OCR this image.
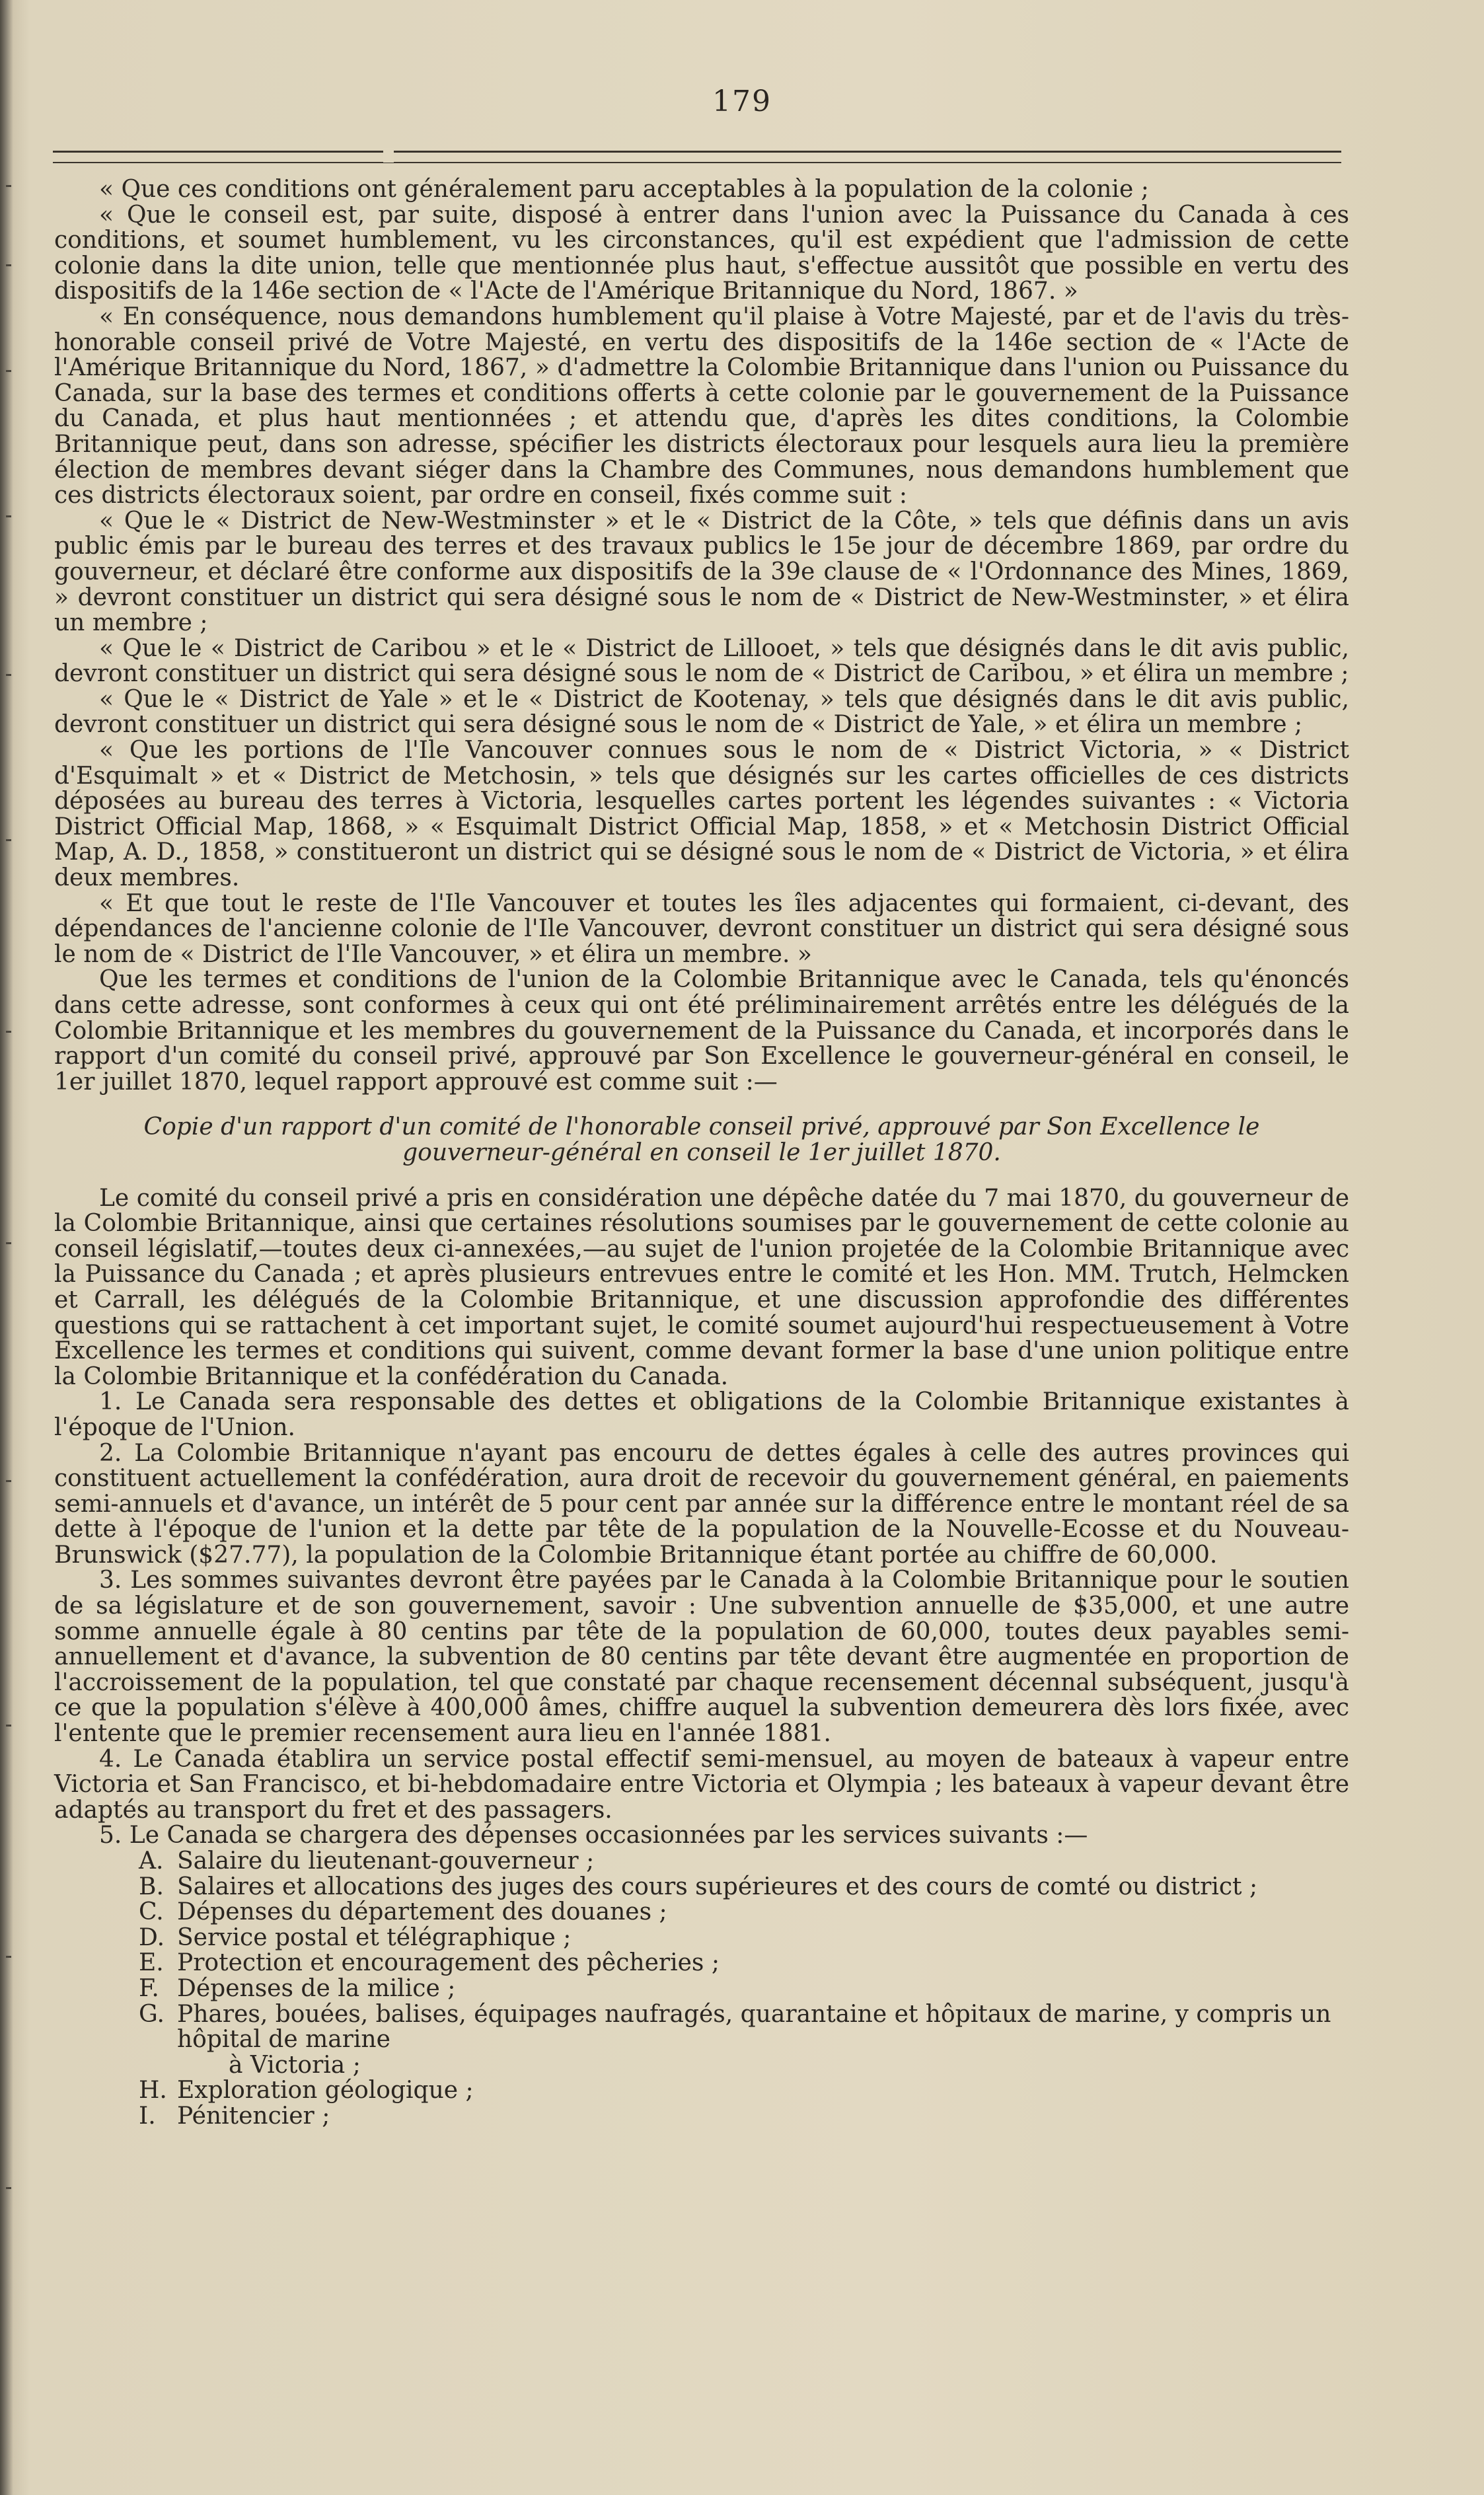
179

« Que ces conditions ont généralement paru acceptables à la population de la colonie ;

« Que le conseil est, par suite, disposé à entrer dans l'union avec la Puissance du Canada à ces conditions, et soumet humblement, vu les circonstances, qu'il est expédient que l'admission de cette colonie dans la dite union, telle que mentionnée plus haut, s'effectue aussitôt que possible en vertu des dispositifs de la 146e section de « l'Acte de l'Amérique Britannique du Nord, 1867. »

« En conséquence, nous demandons humblement qu'il plaise à Votre Majesté, par et de l'avis du très-honorable conseil privé de Votre Majesté, en vertu des dispositifs de la 146e section de « l'Acte de l'Amérique Britannique du Nord, 1867, » d'admettre la Colombie Britannique dans l'union ou Puissance du Canada, sur la base des termes et conditions offerts à cette colonie par le gouvernement de la Puissance du Canada, et plus haut mentionnées ; et attendu que, d'après les dites conditions, la Colombie Britannique peut, dans son adresse, spécifier les districts électoraux pour lesquels aura lieu la première élection de membres devant siéger dans la Chambre des Communes, nous demandons humblement que ces districts électoraux soient, par ordre en conseil, fixés comme suit :

« Que le « District de New-Westminster » et le « District de la Côte, » tels que définis dans un avis public émis par le bureau des terres et des travaux publics le 15e jour de décembre 1869, par ordre du gouverneur, et déclaré être conforme aux dispositifs de la 39e clause de « l'Ordonnance des Mines, 1869, » devront constituer un district qui sera désigné sous le nom de « District de New-Westminster, » et élira un membre ;

« Que le « District de Caribou » et le « District de Lillooet, » tels que désignés dans le dit avis public, devront constituer un district qui sera désigné sous le nom de « District de Caribou, » et élira un membre ;

« Que le « District de Yale » et le « District de Kootenay, » tels que désignés dans le dit avis public, devront constituer un district qui sera désigné sous le nom de « District de Yale, » et élira un membre ;

« Que les portions de l'Ile Vancouver connues sous le nom de « District Victoria, » « District d'Esquimalt » et « District de Metchosin, » tels que désignés sur les cartes officielles de ces districts déposées au bureau des terres à Victoria, lesquelles cartes portent les légendes suivantes : « Victoria District Official Map, 1868, » « Esquimalt District Official Map, 1858, » et « Metchosin District Official Map, A. D., 1858, » constitueront un district qui se désigné sous le nom de « District de Victoria, » et élira deux membres.

« Et que tout le reste de l'Ile Vancouver et toutes les îles adjacentes qui formaient, ci-devant, des dépendances de l'ancienne colonie de l'Ile Vancouver, devront constituer un district qui sera désigné sous le nom de « District de l'Ile Vancouver, » et élira un membre. »

Que les termes et conditions de l'union de la Colombie Britannique avec le Canada, tels qu'énoncés dans cette adresse, sont conformes à ceux qui ont été préliminairement arrêtés entre les délégués de la Colombie Britannique et les membres du gouvernement de la Puissance du Canada, et incorporés dans le rapport d'un comité du conseil privé, approuvé par Son Excellence le gouverneur-général en conseil, le 1er juillet 1870, lequel rapport approuvé est comme suit :—

Copie d'un rapport d'un comité de l'honorable conseil privé, approuvé par Son Excellence le gouverneur-général en conseil le 1er juillet 1870.

Le comité du conseil privé a pris en considération une dépêche datée du 7 mai 1870, du gouverneur de la Colombie Britannique, ainsi que certaines résolutions soumises par le gouvernement de cette colonie au conseil législatif,—toutes deux ci-annexées,—au sujet de l'union projetée de la Colombie Britannique avec la Puissance du Canada ; et après plusieurs entrevues entre le comité et les Hon. MM. Trutch, Helmcken et Carrall, les délégués de la Colombie Britannique, et une discussion approfondie des différentes questions qui se rattachent à cet important sujet, le comité soumet aujourd'hui respectueusement à Votre Excellence les termes et conditions qui suivent, comme devant former la base d'une union politique entre la Colombie Britannique et la confédération du Canada.

1. Le Canada sera responsable des dettes et obligations de la Colombie Britannique existantes à l'époque de l'Union.

2. La Colombie Britannique n'ayant pas encouru de dettes égales à celle des autres provinces qui constituent actuellement la confédération, aura droit de recevoir du gouvernement général, en paiements semi-annuels et d'avance, un intérêt de 5 pour cent par année sur la différence entre le montant réel de sa dette à l'époque de l'union et la dette par tête de la population de la Nouvelle-Ecosse et du Nouveau-Brunswick ($27.77), la population de la Colombie Britannique étant portée au chiffre de 60,000.

3. Les sommes suivantes devront être payées par le Canada à la Colombie Britannique pour le soutien de sa législature et de son gouvernement, savoir : Une subvention annuelle de $35,000, et une autre somme annuelle égale à 80 centins par tête de la population de 60,000, toutes deux payables semi-annuellement et d'avance, la subvention de 80 centins par tête devant être augmentée en proportion de l'accroissement de la population, tel que constaté par chaque recensement décennal subséquent, jusqu'à ce que la population s'élève à 400,000 âmes, chiffre auquel la subvention demeurera dès lors fixée, avec l'entente que le premier recensement aura lieu en l'année 1881.

4. Le Canada établira un service postal effectif semi-mensuel, au moyen de bateaux à vapeur entre Victoria et San Francisco, et bi-hebdomadaire entre Victoria et Olympia ; les bateaux à vapeur devant être adaptés au transport du fret et des passagers.

5. Le Canada se chargera des dépenses occasionnées par les services suivants :—

A. Salaire du lieutenant-gouverneur ;
B. Salaires et allocations des juges des cours supérieures et des cours de comté ou district ;
C. Dépenses du département des douanes ;
D. Service postal et télégraphique ;
E. Protection et encouragement des pêcheries ;
F. Dépenses de la milice ;
G. Phares, bouées, balises, équipages naufragés, quarantaine et hôpitaux de marine, y compris un hôpital de marine
à Victoria ;
H. Exploration géologique ;
I. Pénitencier ;
